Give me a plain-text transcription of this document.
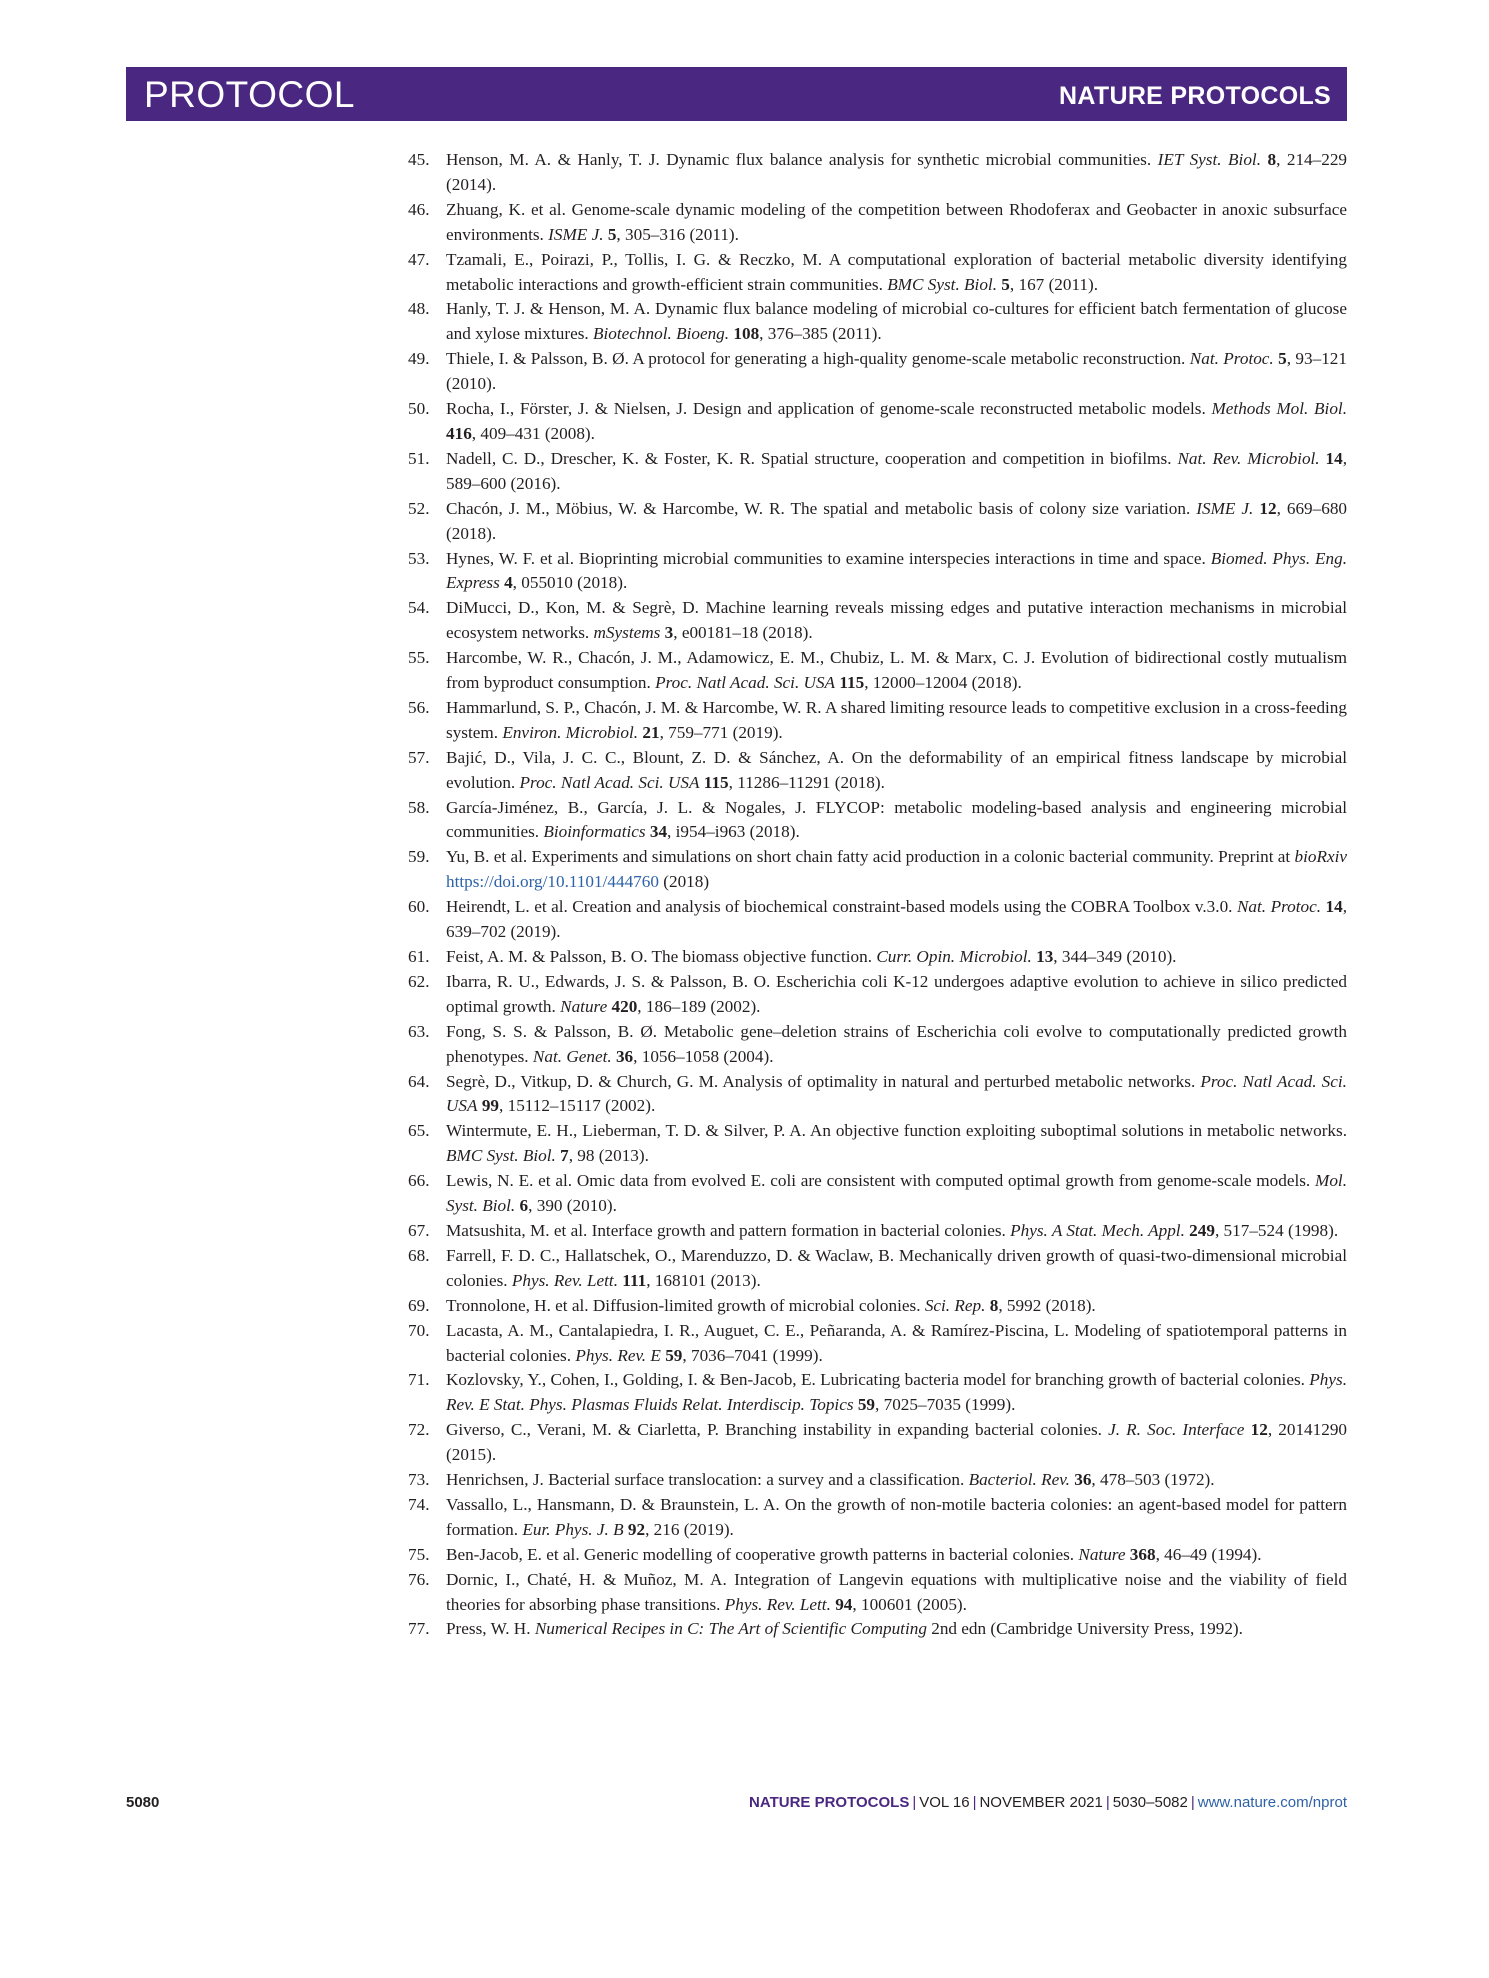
PROTOCOL	NATURE PROTOCOLS
45. Henson, M. A. & Hanly, T. J. Dynamic flux balance analysis for synthetic microbial communities. IET Syst. Biol. 8, 214–229 (2014).
46. Zhuang, K. et al. Genome-scale dynamic modeling of the competition between Rhodoferax and Geobacter in anoxic subsurface environments. ISME J. 5, 305–316 (2011).
47. Tzamali, E., Poirazi, P., Tollis, I. G. & Reczko, M. A computational exploration of bacterial metabolic diversity identifying metabolic interactions and growth-efficient strain communities. BMC Syst. Biol. 5, 167 (2011).
48. Hanly, T. J. & Henson, M. A. Dynamic flux balance modeling of microbial co-cultures for efficient batch fermentation of glucose and xylose mixtures. Biotechnol. Bioeng. 108, 376–385 (2011).
49. Thiele, I. & Palsson, B. Ø. A protocol for generating a high-quality genome-scale metabolic reconstruction. Nat. Protoc. 5, 93–121 (2010).
50. Rocha, I., Förster, J. & Nielsen, J. Design and application of genome-scale reconstructed metabolic models. Methods Mol. Biol. 416, 409–431 (2008).
51. Nadell, C. D., Drescher, K. & Foster, K. R. Spatial structure, cooperation and competition in biofilms. Nat. Rev. Microbiol. 14, 589–600 (2016).
52. Chacón, J. M., Möbius, W. & Harcombe, W. R. The spatial and metabolic basis of colony size variation. ISME J. 12, 669–680 (2018).
53. Hynes, W. F. et al. Bioprinting microbial communities to examine interspecies interactions in time and space. Biomed. Phys. Eng. Express 4, 055010 (2018).
54. DiMucci, D., Kon, M. & Segrè, D. Machine learning reveals missing edges and putative interaction mechanisms in microbial ecosystem networks. mSystems 3, e00181–18 (2018).
55. Harcombe, W. R., Chacón, J. M., Adamowicz, E. M., Chubiz, L. M. & Marx, C. J. Evolution of bidirectional costly mutualism from byproduct consumption. Proc. Natl Acad. Sci. USA 115, 12000–12004 (2018).
56. Hammarlund, S. P., Chacón, J. M. & Harcombe, W. R. A shared limiting resource leads to competitive exclusion in a cross-feeding system. Environ. Microbiol. 21, 759–771 (2019).
57. Bajić, D., Vila, J. C. C., Blount, Z. D. & Sánchez, A. On the deformability of an empirical fitness landscape by microbial evolution. Proc. Natl Acad. Sci. USA 115, 11286–11291 (2018).
58. García-Jiménez, B., García, J. L. & Nogales, J. FLYCOP: metabolic modeling-based analysis and engineering microbial communities. Bioinformatics 34, i954–i963 (2018).
59. Yu, B. et al. Experiments and simulations on short chain fatty acid production in a colonic bacterial community. Preprint at bioRxiv https://doi.org/10.1101/444760 (2018)
60. Heirendt, L. et al. Creation and analysis of biochemical constraint-based models using the COBRA Toolbox v.3.0. Nat. Protoc. 14, 639–702 (2019).
61. Feist, A. M. & Palsson, B. O. The biomass objective function. Curr. Opin. Microbiol. 13, 344–349 (2010).
62. Ibarra, R. U., Edwards, J. S. & Palsson, B. O. Escherichia coli K-12 undergoes adaptive evolution to achieve in silico predicted optimal growth. Nature 420, 186–189 (2002).
63. Fong, S. S. & Palsson, B. Ø. Metabolic gene–deletion strains of Escherichia coli evolve to computationally predicted growth phenotypes. Nat. Genet. 36, 1056–1058 (2004).
64. Segrè, D., Vitkup, D. & Church, G. M. Analysis of optimality in natural and perturbed metabolic networks. Proc. Natl Acad. Sci. USA 99, 15112–15117 (2002).
65. Wintermute, E. H., Lieberman, T. D. & Silver, P. A. An objective function exploiting suboptimal solutions in metabolic networks. BMC Syst. Biol. 7, 98 (2013).
66. Lewis, N. E. et al. Omic data from evolved E. coli are consistent with computed optimal growth from genome-scale models. Mol. Syst. Biol. 6, 390 (2010).
67. Matsushita, M. et al. Interface growth and pattern formation in bacterial colonies. Phys. A Stat. Mech. Appl. 249, 517–524 (1998).
68. Farrell, F. D. C., Hallatschek, O., Marenduzzo, D. & Waclaw, B. Mechanically driven growth of quasi-two-dimensional microbial colonies. Phys. Rev. Lett. 111, 168101 (2013).
69. Tronnolone, H. et al. Diffusion-limited growth of microbial colonies. Sci. Rep. 8, 5992 (2018).
70. Lacasta, A. M., Cantalapiedra, I. R., Auguet, C. E., Peñaranda, A. & Ramírez-Piscina, L. Modeling of spatiotemporal patterns in bacterial colonies. Phys. Rev. E 59, 7036–7041 (1999).
71. Kozlovsky, Y., Cohen, I., Golding, I. & Ben-Jacob, E. Lubricating bacteria model for branching growth of bacterial colonies. Phys. Rev. E Stat. Phys. Plasmas Fluids Relat. Interdiscip. Topics 59, 7025–7035 (1999).
72. Giverso, C., Verani, M. & Ciarletta, P. Branching instability in expanding bacterial colonies. J. R. Soc. Interface 12, 20141290 (2015).
73. Henrichsen, J. Bacterial surface translocation: a survey and a classification. Bacteriol. Rev. 36, 478–503 (1972).
74. Vassallo, L., Hansmann, D. & Braunstein, L. A. On the growth of non-motile bacteria colonies: an agent-based model for pattern formation. Eur. Phys. J. B 92, 216 (2019).
75. Ben-Jacob, E. et al. Generic modelling of cooperative growth patterns in bacterial colonies. Nature 368, 46–49 (1994).
76. Dornic, I., Chaté, H. & Muñoz, M. A. Integration of Langevin equations with multiplicative noise and the viability of field theories for absorbing phase transitions. Phys. Rev. Lett. 94, 100601 (2005).
77. Press, W. H. Numerical Recipes in C: The Art of Scientific Computing 2nd edn (Cambridge University Press, 1992).
5080	NATURE PROTOCOLS | VOL 16 | NOVEMBER 2021 | 5030–5082 | www.nature.com/nprot
